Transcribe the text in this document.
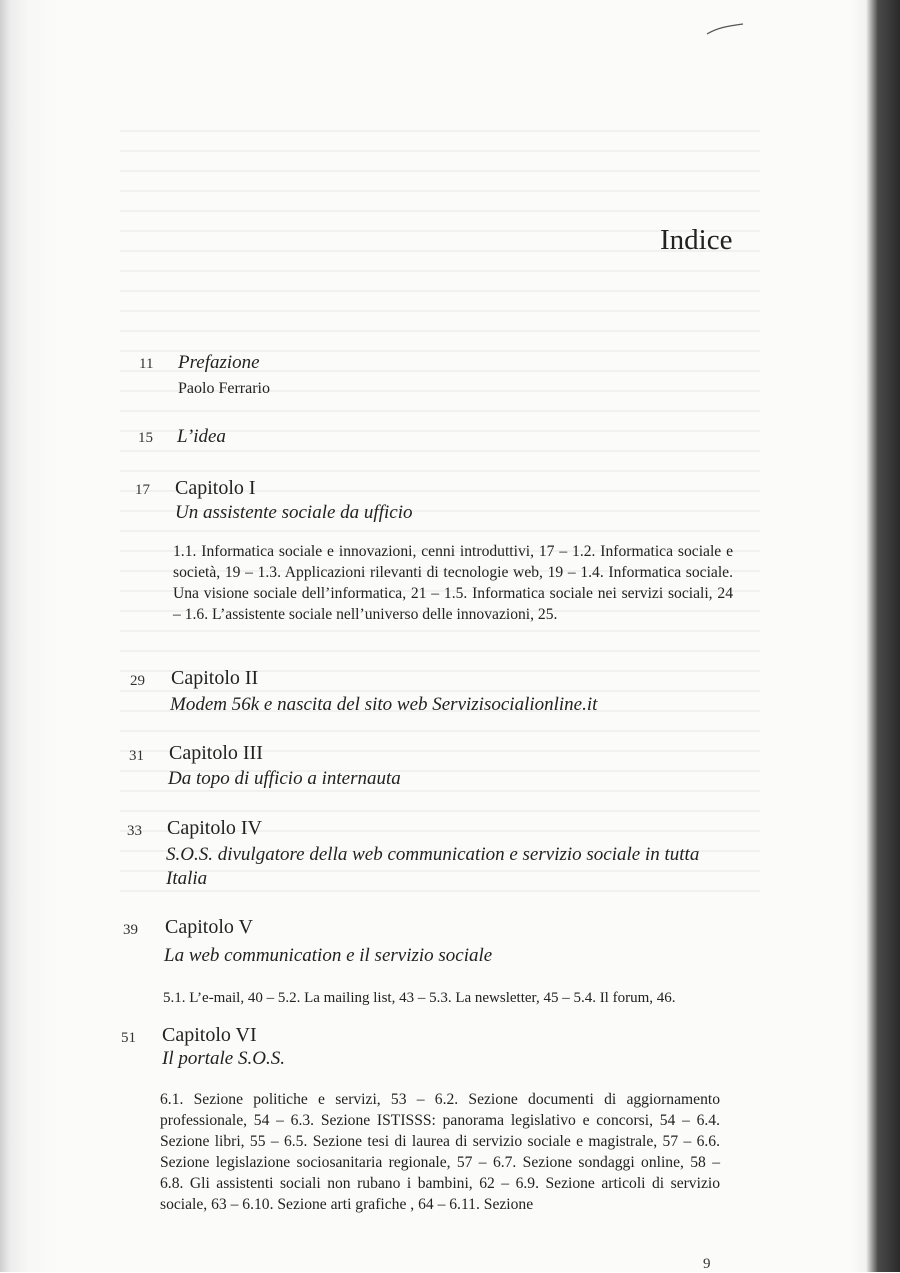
Indice
11 Prefazione
Paolo Ferrario
15 L’idea
17 Capitolo I
Un assistente sociale da ufficio
1.1. Informatica sociale e innovazioni, cenni introduttivi, 17 – 1.2. Informatica sociale e società, 19 – 1.3. Applicazioni rilevanti di tecnologie web, 19 – 1.4. Informatica sociale. Una visione sociale dell’informatica, 21 – 1.5. Informatica sociale nei servizi sociali, 24 – 1.6. L’assistente sociale nell’universo delle innovazioni, 25.
29 Capitolo II
Modem 56k e nascita del sito web Servizisocialionline.it
31 Capitolo III
Da topo di ufficio a internauta
33 Capitolo IV
S.O.S. divulgatore della web communication e servizio sociale in tutta Italia
39 Capitolo V
La web communication e il servizio sociale
5.1. L’e-mail, 40 – 5.2. La mailing list, 43 – 5.3. La newsletter, 45 – 5.4. Il forum, 46.
51 Capitolo VI
Il portale S.O.S.
6.1. Sezione politiche e servizi, 53 – 6.2. Sezione documenti di aggiornamento professionale, 54 – 6.3. Sezione ISTISSS: panorama legislativo e concorsi, 54 – 6.4. Sezione libri, 55 – 6.5. Sezione tesi di laurea di servizio sociale e magistrale, 57 – 6.6. Sezione legislazione sociosanitaria regionale, 57 – 6.7. Sezione sondaggi online, 58 – 6.8. Gli assistenti sociali non rubano i bambini, 62 – 6.9. Sezione articoli di servizio sociale, 63 – 6.10. Sezione arti grafiche , 64 – 6.11. Sezione
9
